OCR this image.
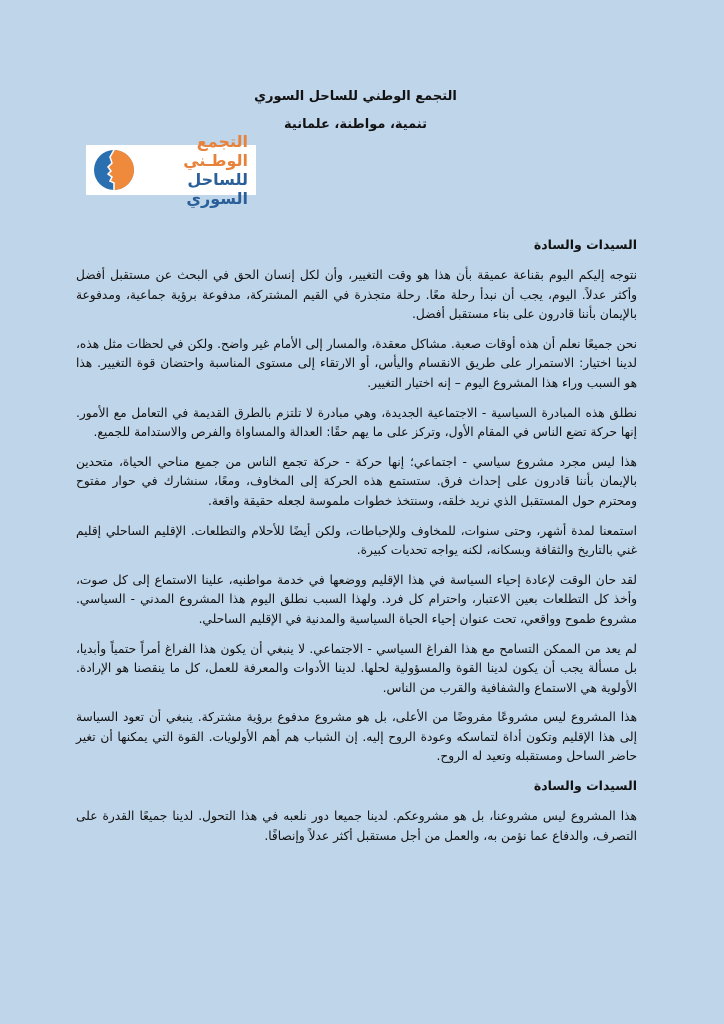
التجمع الوطني للساحل السوري

تنمية، مواطنة، علمانية

التجمع الوطـني
للساحل السوري

السيدات والسادة

نتوجه إليكم اليوم بقناعة عميقة بأن هذا هو وقت التغيير، وأن لكل إنسان الحق في البحث عن مستقبل أفضل وأكثر عدلاً. اليوم، يجب أن نبدأ رحلة معًا. رحلة متجذرة في القيم المشتركة، مدفوعة برؤية جماعية، ومدفوعة بالإيمان بأننا قادرون على بناء مستقبل أفضل.

نحن جميعًا نعلم أن هذه أوقات صعبة. مشاكل معقدة، والمسار إلى الأمام غير واضح. ولكن في لحظات مثل هذه، لدينا اختيار: الاستمرار على طريق الانقسام واليأس، أو الارتقاء إلى مستوى المناسبة واحتضان قوة التغيير. هذا هو السبب وراء هذا المشروع اليوم – إنه اختيار التغيير.

نطلق هذه المبادرة السياسية - الاجتماعية الجديدة، وهي مبادرة لا تلتزم بالطرق القديمة في التعامل مع الأمور. إنها حركة تضع الناس في المقام الأول، وتركز على ما يهم حقًا: العدالة والمساواة والفرص والاستدامة للجميع.

هذا ليس مجرد مشروع سياسي - اجتماعي؛ إنها حركة - حركة تجمع الناس من جميع مناحي الحياة، متحدين بالإيمان بأننا قادرون على إحداث فرق. ستستمع هذه الحركة إلى المخاوف، ومعًا، سنشارك في حوار مفتوح ومحترم حول المستقبل الذي نريد خلقه، وسنتخذ خطوات ملموسة لجعله حقيقة واقعة.

استمعنا لمدة أشهر، وحتى سنوات، للمخاوف وللإحباطات، ولكن أيضًا للأحلام والتطلعات. الإقليم الساحلي إقليم غني بالتاريخ والثقافة وبسكانه، لكنه يواجه تحديات كبيرة.

لقد حان الوقت لإعادة إحياء السياسة في هذا الإقليم ووضعها في خدمة مواطنيه، علينا الاستماع إلى كل صوت، وأخذ كل التطلعات بعين الاعتبار، واحترام كل فرد. ولهذا السبب نطلق اليوم هذا المشروع المدني - السياسي. مشروع طموح وواقعي، تحت عنوان إحياء الحياة السياسية والمدنية في الإقليم الساحلي.

لم يعد من الممكن التسامح مع هذا الفراغ السياسي - الاجتماعي. لا ينبغي أن يكون هذا الفراغ أمراً حتمياً وأبديا، بل مسألة يجب أن يكون لدينا القوة والمسؤولية لحلها. لدينا الأدوات والمعرفة للعمل، كل ما ينقصنا هو الإرادة. الأولوية هي الاستماع والشفافية والقرب من الناس.

هذا المشروع ليس مشروعًا مفروضًا من الأعلى، بل هو مشروع مدفوع برؤية مشتركة. ينبغي أن تعود السياسة إلى هذا الإقليم وتكون أداة لتماسكه وعودة الروح إليه. إن الشباب هم أهم الأولويات. القوة التي يمكنها أن تغير حاضر الساحل ومستقبله وتعيد له الروح.

السيدات والسادة

هذا المشروع ليس مشروعنا، بل هو مشروعكم. لدينا جميعا دور نلعبه في هذا التحول. لدينا جميعًا القدرة على التصرف، والدفاع عما نؤمن به، والعمل من أجل مستقبل أكثر عدلاً وإنصافًا.
